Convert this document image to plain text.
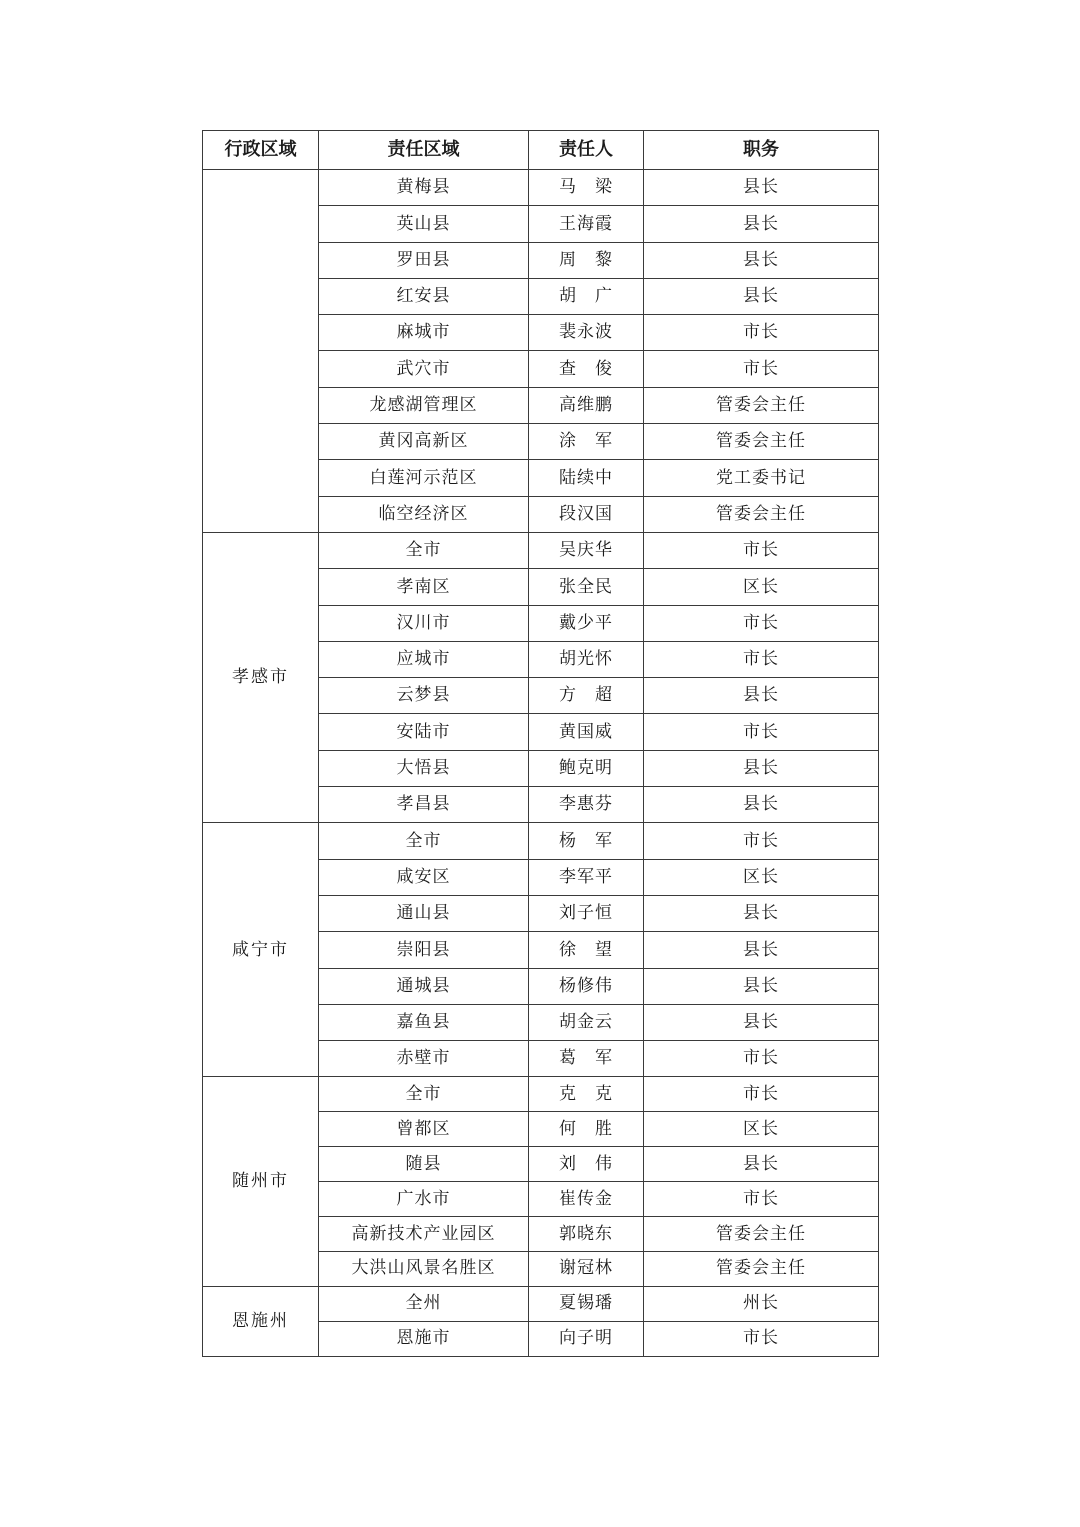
行政区域	责任区域	责任人	职务
	黄梅县	马　梁	县长
	英山县	王海霞	县长
	罗田县	周　黎	县长
	红安县	胡　广	县长
	麻城市	裴永波	市长
	武穴市	查　俊	市长
	龙感湖管理区	高维鹏	管委会主任
	黄冈高新区	涂　军	管委会主任
	白莲河示范区	陆续中	党工委书记
	临空经济区	段汉国	管委会主任
孝感市	全市	吴庆华	市长
	孝南区	张全民	区长
	汉川市	戴少平	市长
	应城市	胡光怀	市长
	云梦县	方　超	县长
	安陆市	黄国威	市长
	大悟县	鲍克明	县长
	孝昌县	李惠芬	县长
咸宁市	全市	杨　军	市长
	咸安区	李军平	区长
	通山县	刘子恒	县长
	崇阳县	徐　望	县长
	通城县	杨修伟	县长
	嘉鱼县	胡金云	县长
	赤壁市	葛　军	市长
随州市	全市	克　克	市长
	曾都区	何　胜	区长
	随县	刘　伟	县长
	广水市	崔传金	市长
	高新技术产业园区	郭晓东	管委会主任
	大洪山风景名胜区	谢冠林	管委会主任
恩施州	全州	夏锡璠	州长
	恩施市	向子明	市长
